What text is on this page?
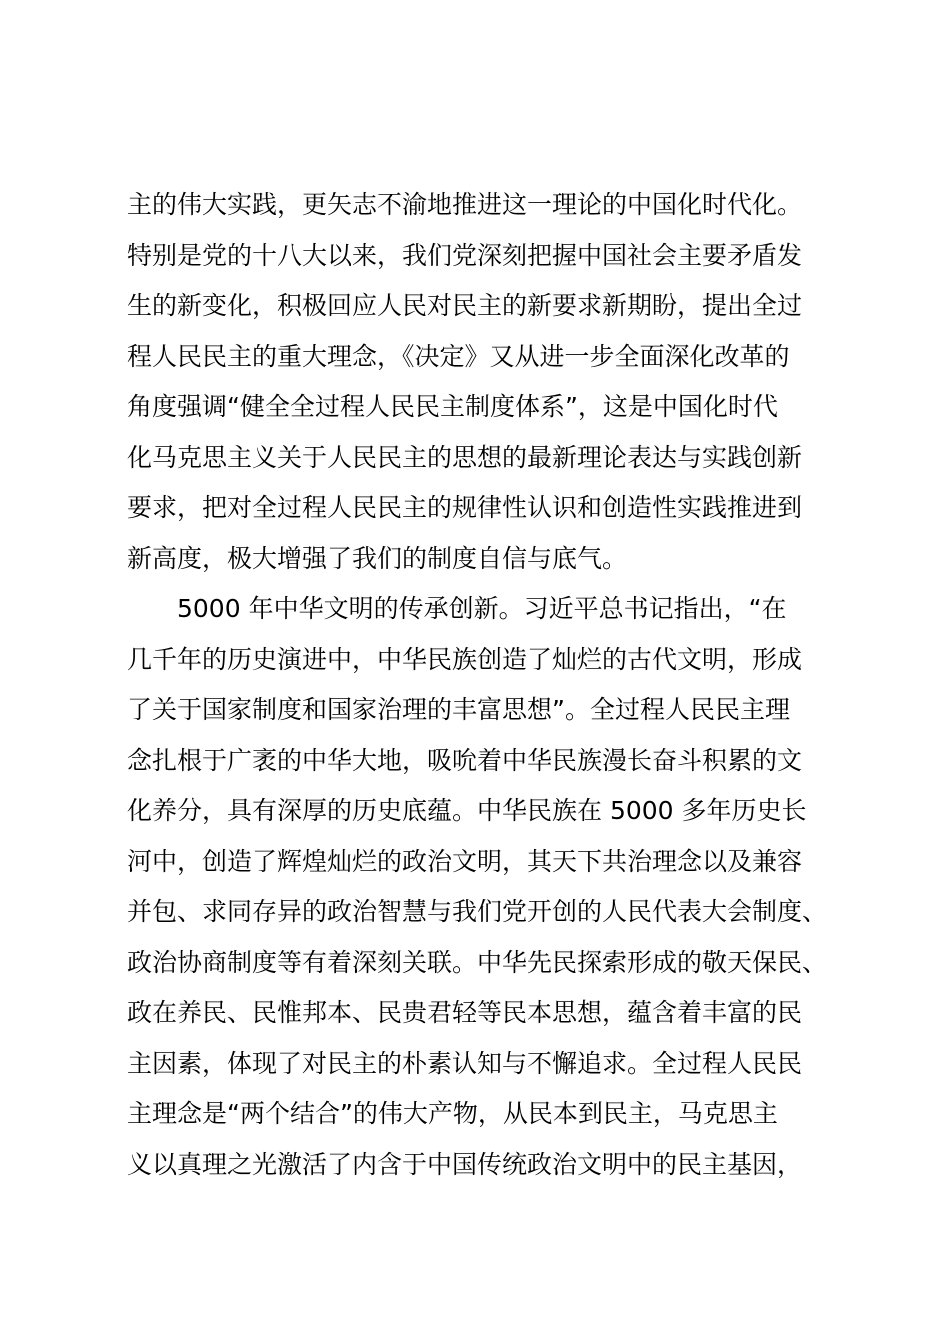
主的伟大实践，更矢志不渝地推进这一理论的中国化时代化。
特别是党的十八大以来，我们党深刻把握中国社会主要矛盾发
生的新变化，积极回应人民对民主的新要求新期盼，提出全过
程人民民主的重大理念，《决定》又从进一步全面深化改革的
角度强调“健全全过程人民民主制度体系”，这是中国化时代
化马克思主义关于人民民主的思想的最新理论表达与实践创新
要求，把对全过程人民民主的规律性认识和创造性实践推进到
新高度，极大增强了我们的制度自信与底气。
5000 年中华文明的传承创新。习近平总书记指出，“在
几千年的历史演进中，中华民族创造了灿烂的古代文明，形成
了关于国家制度和国家治理的丰富思想”。全过程人民民主理
念扎根于广袤的中华大地，吸吮着中华民族漫长奋斗积累的文
化养分，具有深厚的历史底蕴。中华民族在 5000 多年历史长
河中，创造了辉煌灿烂的政治文明，其天下共治理念以及兼容
并包、求同存异的政治智慧与我们党开创的人民代表大会制度、
政治协商制度等有着深刻关联。中华先民探索形成的敬天保民、
政在养民、民惟邦本、民贵君轻等民本思想，蕴含着丰富的民
主因素，体现了对民主的朴素认知与不懈追求。全过程人民民
主理念是“两个结合”的伟大产物，从民本到民主，马克思主
义以真理之光激活了内含于中国传统政治文明中的民主基因，
